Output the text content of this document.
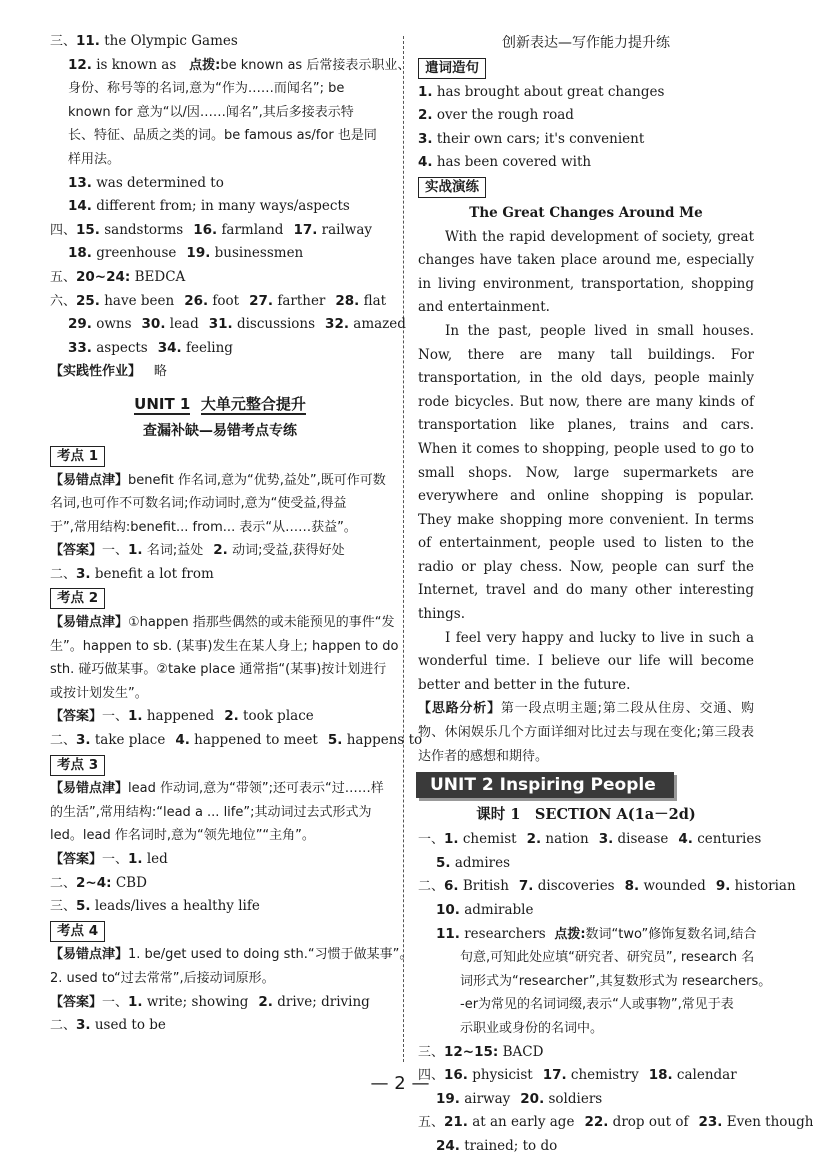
三、11. the Olympic Games
12. is known as 点拨:be known as 后常接表示职业、
身份、称号等的名词,意为“作为……而闻名”; be
known for 意为“以/因……闻名”,其后多接表示特
长、特征、品质之类的词。be famous as/for 也是同
样用法。
13. was determined to
14. different from; in many ways/aspects
四、15. sandstorms 16. farmland 17. railway
18. greenhouse 19. businessmen
五、20~24: BEDCA
六、25. have been 26. foot 27. farther 28. flat
29. owns 30. lead 31. discussions 32. amazed
33. aspects 34. feeling
【实践性作业】 略
UNIT 1 大单元整合提升
查漏补缺—易错考点专练
考点 1
【易错点津】benefit 作名词,意为“优势,益处”,既可作可数
名词,也可作不可数名词;作动词时,意为“使受益,得益
于”,常用结构:benefit... from... 表示“从……获益”。
【答案】一、1. 名词;益处 2. 动词;受益,获得好处
二、3. benefit a lot from
考点 2
【易错点津】①happen 指那些偶然的或未能预见的事件“发
生”。happen to sb. (某事)发生在某人身上; happen to do
sth. 碰巧做某事。②take place 通常指“(某事)按计划进行
或按计划发生”。
【答案】一、1. happened 2. took place
二、3. take place 4. happened to meet 5. happens to
考点 3
【易错点津】lead 作动词,意为“带领”;还可表示“过……样
的生活”,常用结构:“lead a ... life”;其动词过去式形式为
led。lead 作名词时,意为“领先地位”“主角”。
【答案】一、1. led
二、2~4: CBD
三、5. leads/lives a healthy life
考点 4
【易错点津】1. be/get used to doing sth.“习惯于做某事”。
2. used to“过去常常”,后接动词原形。
【答案】一、1. write; showing 2. drive; driving
二、3. used to be
创新表达—写作能力提升练
遣词造句
1. has brought about great changes
2. over the rough road
3. their own cars; it's convenient
4. has been covered with
实战演练
The Great Changes Around Me
With the rapid development of society, great changes have taken place around me, especially in living environment, transportation, shopping and entertainment.
In the past, people lived in small houses. Now, there are many tall buildings. For transportation, in the old days, people mainly rode bicycles. But now, there are many kinds of transportation like planes, trains and cars. When it comes to shopping, people used to go to small shops. Now, large supermarkets are everywhere and online shopping is popular. They make shopping more convenient. In terms of entertainment, people used to listen to the radio or play chess. Now, people can surf the Internet, travel and do many other interesting things.
I feel very happy and lucky to live in such a wonderful time. I believe our life will become better and better in the future.
【思路分析】第一段点明主题;第二段从住房、交通、购物、休闲娱乐几个方面详细对比过去与现在变化;第三段表达作者的感想和期待。
UNIT 2 Inspiring People
课时 1　SECTION A(1a－2d)
一、1. chemist 2. nation 3. disease 4. centuries
5. admires
二、6. British 7. discoveries 8. wounded 9. historian
10. admirable
11. researchers 点拨:数词“two”修饰复数名词,结合
句意,可知此处应填“研究者、研究员”, research 名
词形式为“researcher”,其复数形式为 researchers。
-er为常见的名词词缀,表示“人或事物”,常见于表
示职业或身份的名词中。
三、12~15: BACD
四、16. physicist 17. chemistry 18. calendar
19. airway 20. soldiers
五、21. at an early age 22. drop out of 23. Even though
24. trained; to do
— 2 —
